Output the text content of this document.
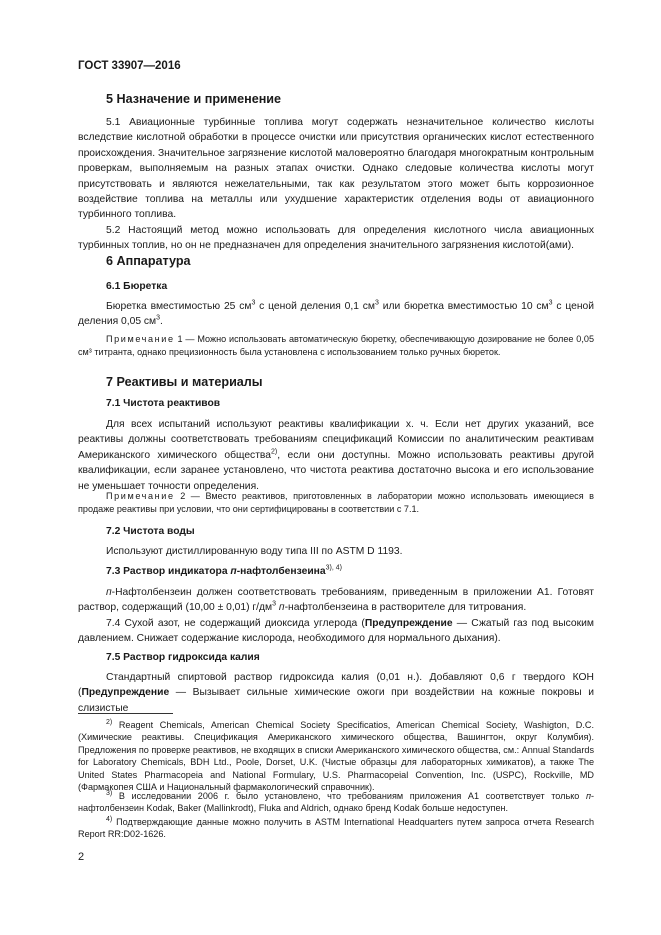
ГОСТ 33907—2016
5 Назначение и применение
5.1 Авиационные турбинные топлива могут содержать незначительное количество кислоты вследствие кислотной обработки в процессе очистки или присутствия органических кислот естественного происхождения. Значительное загрязнение кислотой маловероятно благодаря многократным контрольным проверкам, выполняемым на разных этапах очистки. Однако следовые количества кислоты могут присутствовать и являются нежелательными, так как результатом этого может быть коррозионное воздействие топлива на металлы или ухудшение характеристик отделения воды от авиационного турбинного топлива.
5.2 Настоящий метод можно использовать для определения кислотного числа авиационных турбинных топлив, но он не предназначен для определения значительного загрязнения кислотой(ами).
6 Аппаратура
6.1 Бюретка
Бюретка вместимостью 25 $см^3$ с ценой деления 0,1 $см^3$ или бюретка вместимостью 10 $см^3$ с ценой деления 0,05 $см^3$.
Примечание 1 — Можно использовать автоматическую бюретку, обеспечивающую дозирование не более 0,05 см³ титранта, однако прецизионность была установлена с использованием только ручных бюреток.
7 Реактивы и материалы
7.1 Чистота реактивов
Для всех испытаний используют реактивы квалификации х. ч. Если нет других указаний, все реактивы должны соответствовать требованиям спецификаций Комиссии по аналитическим реактивам Американского химического общества$^{2)}$, если они доступны. Можно использовать реактивы другой квалификации, если заранее установлено, что чистота реактива достаточно высока и его использование не уменьшает точности определения.
Примечание 2 — Вместо реактивов, приготовленных в лаборатории можно использовать имеющиеся в продаже реактивы при условии, что они сертифицированы в соответствии с 7.1.
7.2 Чистота воды
Используют дистиллированную воду типа III по ASTM D 1193.
7.3 Раствор индикатора п-нафтолбензеина$^{3), 4)}$
п-Нафтолбензеин должен соответствовать требованиям, приведенным в приложении А1. Готовят раствор, содержащий (10,00 ± 0,01) $г/дм^3$ п-нафтолбензеина в растворителе для титрования.
7.4 Сухой азот, не содержащий диоксида углерода (Предупреждение — Сжатый газ под высоким давлением. Снижает содержание кислорода, необходимого для нормального дыхания).
7.5 Раствор гидроксида калия
Стандартный спиртовой раствор гидроксида калия (0,01 н.). Добавляют 0,6 г твердого КОН (Предупреждение — Вызывает сильные химические ожоги при воздействии на кожные покровы и слизистые
$^{2)}$ Reagent Chemicals, American Chemical Society Specificatios, American Chemical Society, Washigton, D.C. (Химические реактивы. Спецификация Американского химического общества, Вашингтон, округ Колумбия). Предложения по проверке реактивов, не входящих в списки Американского химического общества, см.: Annual Standards for Laboratory Chemicals, BDH Ltd., Poole, Dorset, U.K. (Чистые образцы для лабораторных химикатов), а также The United States Pharmacopeia and National Formulary, U.S. Pharmacopeial Convention, Inc. (USPC), Rockville, MD (Фармакопея США и Национальный фармакологический справочник).
$^{3)}$ В исследовании 2006 г. было установлено, что требованиям приложения А1 соответствует только п-нафтолбензеин Kodak, Baker (Mallinkrodt), Fluka and Aldrich, однако бренд Kodak больше недоступен.
$^{4)}$ Подтверждающие данные можно получить в ASTM International Headquarters путем запроса отчета Research Report RR:D02-1626.
2
